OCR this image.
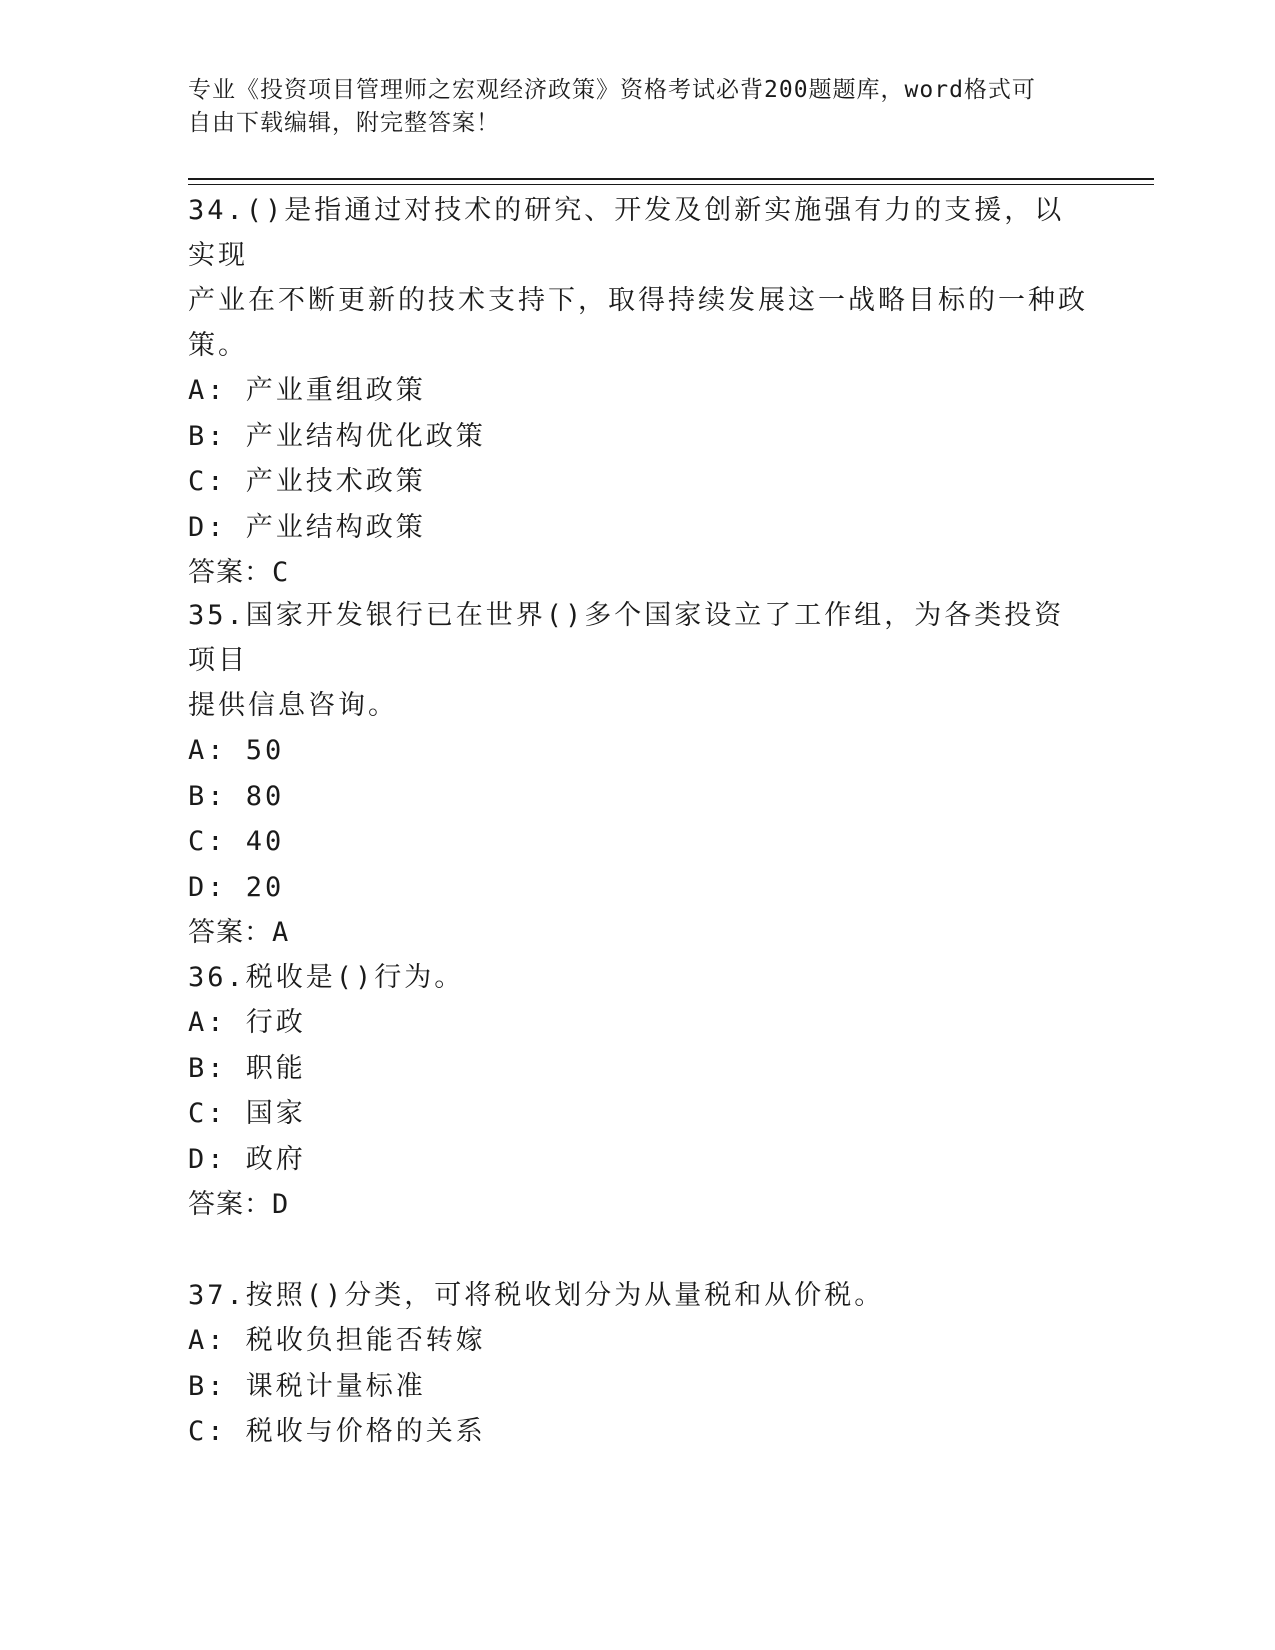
专业《投资项目管理师之宏观经济政策》资格考试必背200题题库，word格式可
自由下载编辑，附完整答案！

34.()是指通过对技术的研究、开发及创新实施强有力的支援，以实现

产业在不断更新的技术支持下，取得持续发展这一战略目标的一种政

策。

A: 产业重组政策

B: 产业结构优化政策

C: 产业技术政策

D: 产业结构政策

答案：C

35.国家开发银行已在世界()多个国家设立了工作组，为各类投资项目

提供信息咨询。

A: 50

B: 80

C: 40

D: 20

答案：A

36.税收是()行为。

A: 行政

B: 职能

C: 国家

D: 政府

答案：D

37.按照()分类，可将税收划分为从量税和从价税。

A: 税收负担能否转嫁

B: 课税计量标准

C: 税收与价格的关系
